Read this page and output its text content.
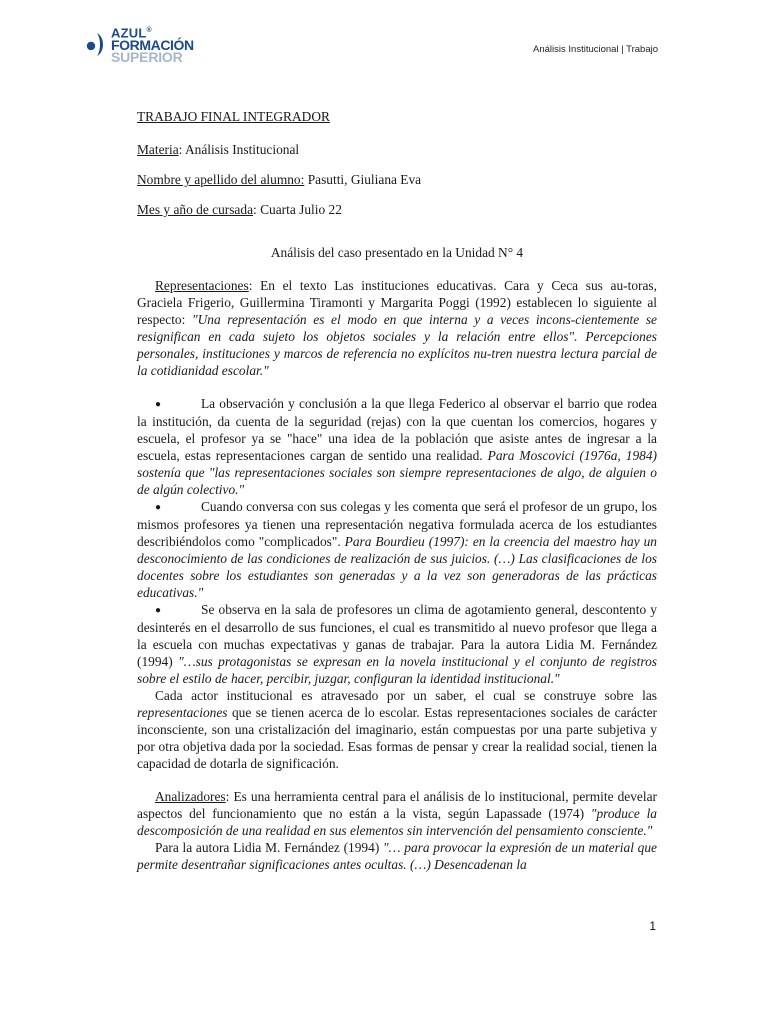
AZUL®
FORMACIÓN
SUPERIOR	Análisis Institucional | Trabajo

TRABAJO FINAL INTEGRADOR

Materia: Análisis Institucional

Nombre y apellido del alumno: Pasutti, Giuliana Eva

Mes y año de cursada: Cuarta Julio 22

Análisis del caso presentado en la Unidad N° 4

Representaciones: En el texto Las instituciones educativas. Cara y Ceca sus au-toras, Graciela Frigerio, Guillermina Tiramonti y Margarita Poggi (1992) establecen lo siguiente al respecto: "Una representación es el modo en que interna y a veces incons-cientemente se resignifican en cada sujeto los objetos sociales y la relación entre ellos". Percepciones personales, instituciones y marcos de referencia no explícitos nu-tren nuestra lectura parcial de la cotidianidad escolar."

●	La observación y conclusión a la que llega Federico al observar el barrio que rodea la institución, da cuenta de la seguridad (rejas) con la que cuentan los comercios, hogares y escuela, el profesor ya se "hace" una idea de la población que asiste antes de ingresar a la escuela, estas representaciones cargan de sentido una realidad. Para Moscovici (1976a, 1984) sostenía que "las representaciones sociales son siempre representaciones de algo, de alguien o de algún colectivo."

●	Cuando conversa con sus colegas y les comenta que será el profesor de un grupo, los mismos profesores ya tienen una representación negativa formulada acerca de los estudiantes describiéndolos como "complicados". Para Bourdieu (1997): en la creencia del maestro hay un desconocimiento de las condiciones de realización de sus juicios. (…) Las clasificaciones de los docentes sobre los estudiantes son generadas y a la vez son generadoras de las prácticas educativas."

●	Se observa en la sala de profesores un clima de agotamiento general, descontento y desinterés en el desarrollo de sus funciones, el cual es transmitido al nuevo profesor que llega a la escuela con muchas expectativas y ganas de trabajar. Para la autora Lidia M. Fernández (1994) "…sus protagonistas se expresan en la novela institucional y el conjunto de registros sobre el estilo de hacer, percibir, juzgar, configuran la identidad institucional."

Cada actor institucional es atravesado por un saber, el cual se construye sobre las representaciones que se tienen acerca de lo escolar. Estas representaciones sociales de carácter inconsciente, son una cristalización del imaginario, están compuestas por una parte subjetiva y por otra objetiva dada por la sociedad. Esas formas de pensar y crear la realidad social, tienen la capacidad de dotarla de significación.

Analizadores: Es una herramienta central para el análisis de lo institucional, permite develar aspectos del funcionamiento que no están a la vista, según Lapassade (1974) "produce la descomposición de una realidad en sus elementos sin intervención del pensamiento consciente."

Para la autora Lidia M. Fernández (1994) "… para provocar la expresión de un material que permite desentrañar significaciones antes ocultas. (…) Desencadenan la

1
